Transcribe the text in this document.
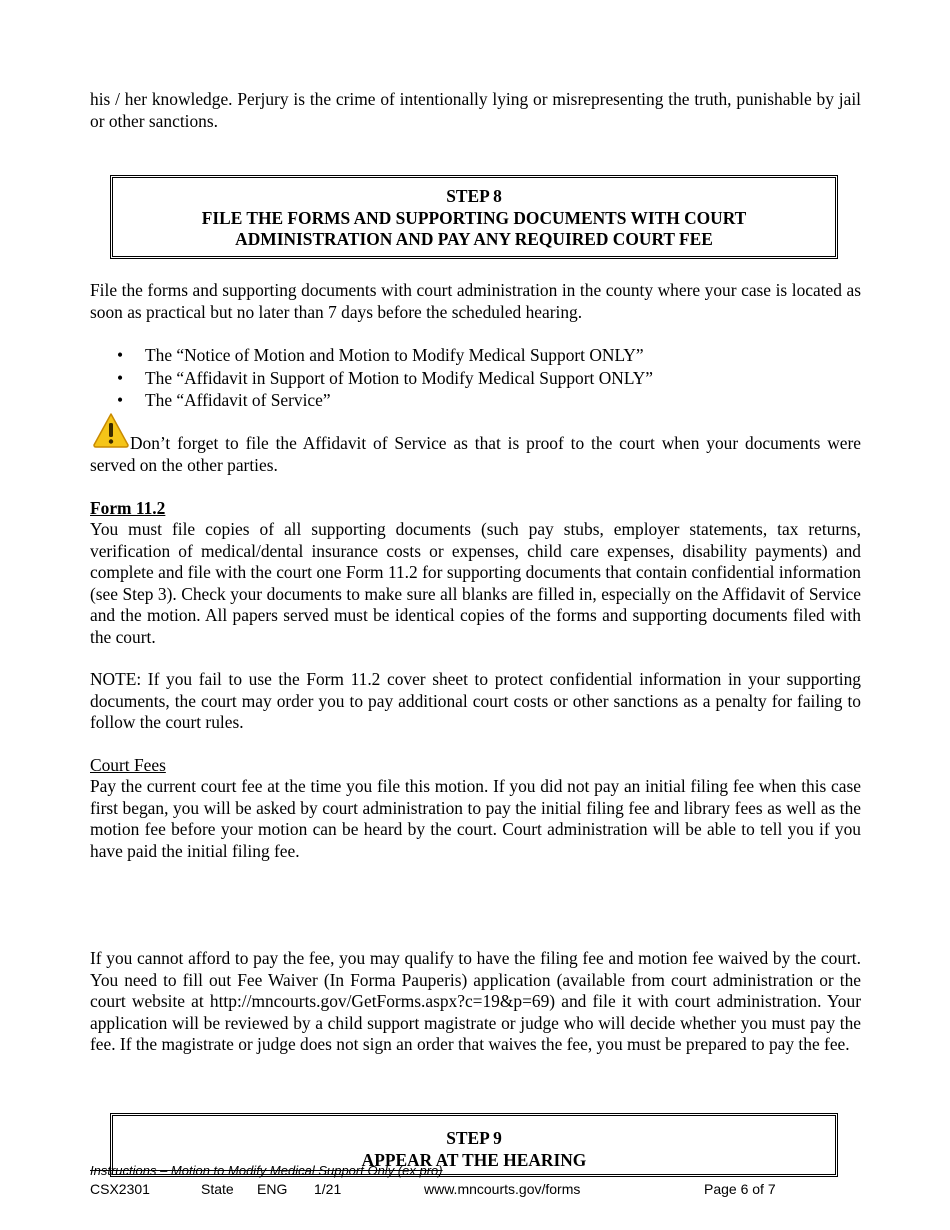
his / her knowledge. Perjury is the crime of intentionally lying or misrepresenting the truth, punishable by jail or other sanctions.

STEP 8
FILE THE FORMS AND SUPPORTING DOCUMENTS WITH COURT
ADMINISTRATION AND PAY ANY REQUIRED COURT FEE

File the forms and supporting documents with court administration in the county where your case is located as soon as practical but no later than 7 days before the scheduled hearing.

• The “Notice of Motion and Motion to Modify Medical Support ONLY”
• The “Affidavit in Support of Motion to Modify Medical Support ONLY”
• The “Affidavit of Service”

Don’t forget to file the Affidavit of Service as that is proof to the court when your documents were served on the other parties.

Form 11.2

You must file copies of all supporting documents (such pay stubs, employer statements, tax returns, verification of medical/dental insurance costs or expenses, child care expenses, disability payments) and complete and file with the court one Form 11.2 for supporting documents that contain confidential information (see Step 3). Check your documents to make sure all blanks are filled in, especially on the Affidavit of Service and the motion. All papers served must be identical copies of the forms and supporting documents filed with the court.

NOTE: If you fail to use the Form 11.2 cover sheet to protect confidential information in your supporting documents, the court may order you to pay additional court costs or other sanctions as a penalty for failing to follow the court rules.

Court Fees

Pay the current court fee at the time you file this motion. If you did not pay an initial filing fee when this case first began, you will be asked by court administration to pay the initial filing fee and library fees as well as the motion fee before your motion can be heard by the court. Court administration will be able to tell you if you have paid the initial filing fee.

If you cannot afford to pay the fee, you may qualify to have the filing fee and motion fee waived by the court. You need to fill out Fee Waiver (In Forma Pauperis) application (available from court administration or the court website at http://mncourts.gov/GetForms.aspx?c=19&p=69) and file it with court administration. Your application will be reviewed by a child support magistrate or judge who will decide whether you must pay the fee. If the magistrate or judge does not sign an order that waives the fee, you must be prepared to pay the fee.

STEP 9
APPEAR AT THE HEARING
Instructions – Motion to Modify Medical Support Only (ex pro)
CSX2301	State ENG 1/21	www.mncourts.gov/forms	Page 6 of 7
